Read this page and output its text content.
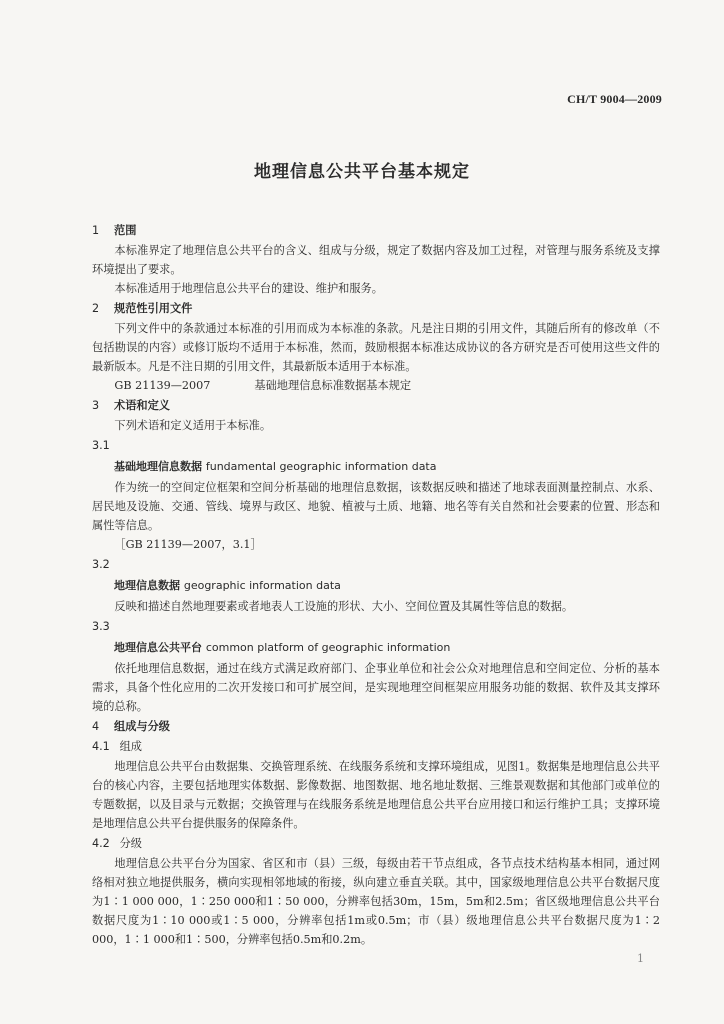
CH/T 9004—2009
地理信息公共平台基本规定
1 范围

本标准界定了地理信息公共平台的含义、组成与分级，规定了数据内容及加工过程，对管理与服务系统及支撑环境提出了要求。

本标准适用于地理信息公共平台的建设、维护和服务。

2 规范性引用文件

下列文件中的条款通过本标准的引用而成为本标准的条款。凡是注日期的引用文件，其随后所有的修改单（不包括勘误的内容）或修订版均不适用于本标准，然而，鼓励根据本标准达成协议的各方研究是否可使用这些文件的最新版本。凡是不注日期的引用文件，其最新版本适用于本标准。

GB 21139—2007	基础地理信息标准数据基本规定
3 术语和定义

下列术语和定义适用于本标准。

3.1
基础地理信息数据 fundamental geographic information data

作为统一的空间定位框架和空间分析基础的地理信息数据，该数据反映和描述了地球表面测量控制点、水系、居民地及设施、交通、管线、境界与政区、地貌、植被与土质、地籍、地名等有关自然和社会要素的位置、形态和属性等信息。

［GB 21139—2007，3.1］
3.2
地理信息数据 geographic information data

反映和描述自然地理要素或者地表人工设施的形状、大小、空间位置及其属性等信息的数据。

3.3
地理信息公共平台 common platform of geographic information

依托地理信息数据，通过在线方式满足政府部门、企事业单位和社会公众对地理信息和空间定位、分析的基本需求，具备个性化应用的二次开发接口和可扩展空间，是实现地理空间框架应用服务功能的数据、软件及其支撑环境的总称。

4 组成与分级
4.1 组成

地理信息公共平台由数据集、交换管理系统、在线服务系统和支撑环境组成，见图1。数据集是地理信息公共平台的核心内容，主要包括地理实体数据、影像数据、地图数据、地名地址数据、三维景观数据和其他部门或单位的专题数据，以及目录与元数据；交换管理与在线服务系统是地理信息公共平台应用接口和运行维护工具；支撑环境是地理信息公共平台提供服务的保障条件。

4.2 分级

地理信息公共平台分为国家、省区和市（县）三级，每级由若干节点组成，各节点技术结构基本相同，通过网络相对独立地提供服务，横向实现相邻地域的衔接，纵向建立垂直关联。其中，国家级地理信息公共平台数据尺度为1∶1 000 000，1∶250 000和1∶50 000，分辨率包括30m，15m，5m和2.5m；省区级地理信息公共平台数据尺度为1∶10 000或1∶5 000，分辨率包括1m或0.5m；市（县）级地理信息公共平台数据尺度为1∶2 000，1∶1 000和1∶500，分辨率包括0.5m和0.2m。

1
